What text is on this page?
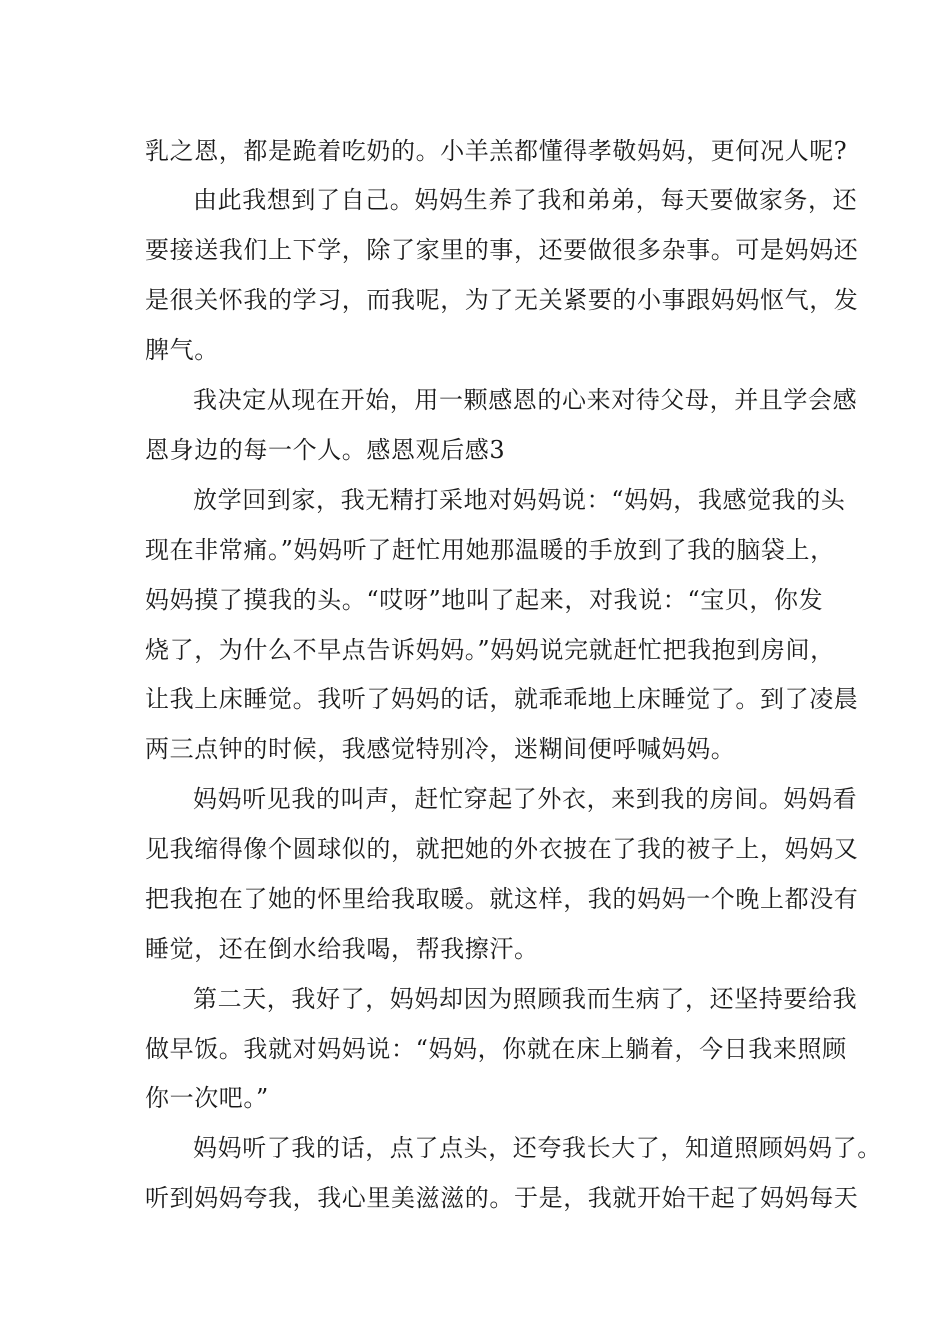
乳之恩，都是跪着吃奶的。小羊羔都懂得孝敬妈妈，更何况人呢?
由此我想到了自己。妈妈生养了我和弟弟，每天要做家务，还
要接送我们上下学，除了家里的事，还要做很多杂事。可是妈妈还
是很关怀我的学习，而我呢，为了无关紧要的小事跟妈妈怄气，发
脾气。
我决定从现在开始，用一颗感恩的心来对待父母，并且学会感
恩身边的每一个人。感恩观后感3
放学回到家，我无精打采地对妈妈说：“妈妈，我感觉我的头
现在非常痛。”妈妈听了赶忙用她那温暖的手放到了我的脑袋上，
妈妈摸了摸我的头。“哎呀”地叫了起来，对我说：“宝贝，你发
烧了，为什么不早点告诉妈妈。”妈妈说完就赶忙把我抱到房间，
让我上床睡觉。我听了妈妈的话，就乖乖地上床睡觉了。到了凌晨
两三点钟的时候，我感觉特别冷，迷糊间便呼喊妈妈。
妈妈听见我的叫声，赶忙穿起了外衣，来到我的房间。妈妈看
见我缩得像个圆球似的，就把她的外衣披在了我的被子上，妈妈又
把我抱在了她的怀里给我取暖。就这样，我的妈妈一个晚上都没有
睡觉，还在倒水给我喝，帮我擦汗。
第二天，我好了，妈妈却因为照顾我而生病了，还坚持要给我
做早饭。我就对妈妈说：“妈妈，你就在床上躺着，今日我来照顾
你一次吧。”
妈妈听了我的话，点了点头，还夸我长大了，知道照顾妈妈了。
听到妈妈夸我，我心里美滋滋的。于是，我就开始干起了妈妈每天
